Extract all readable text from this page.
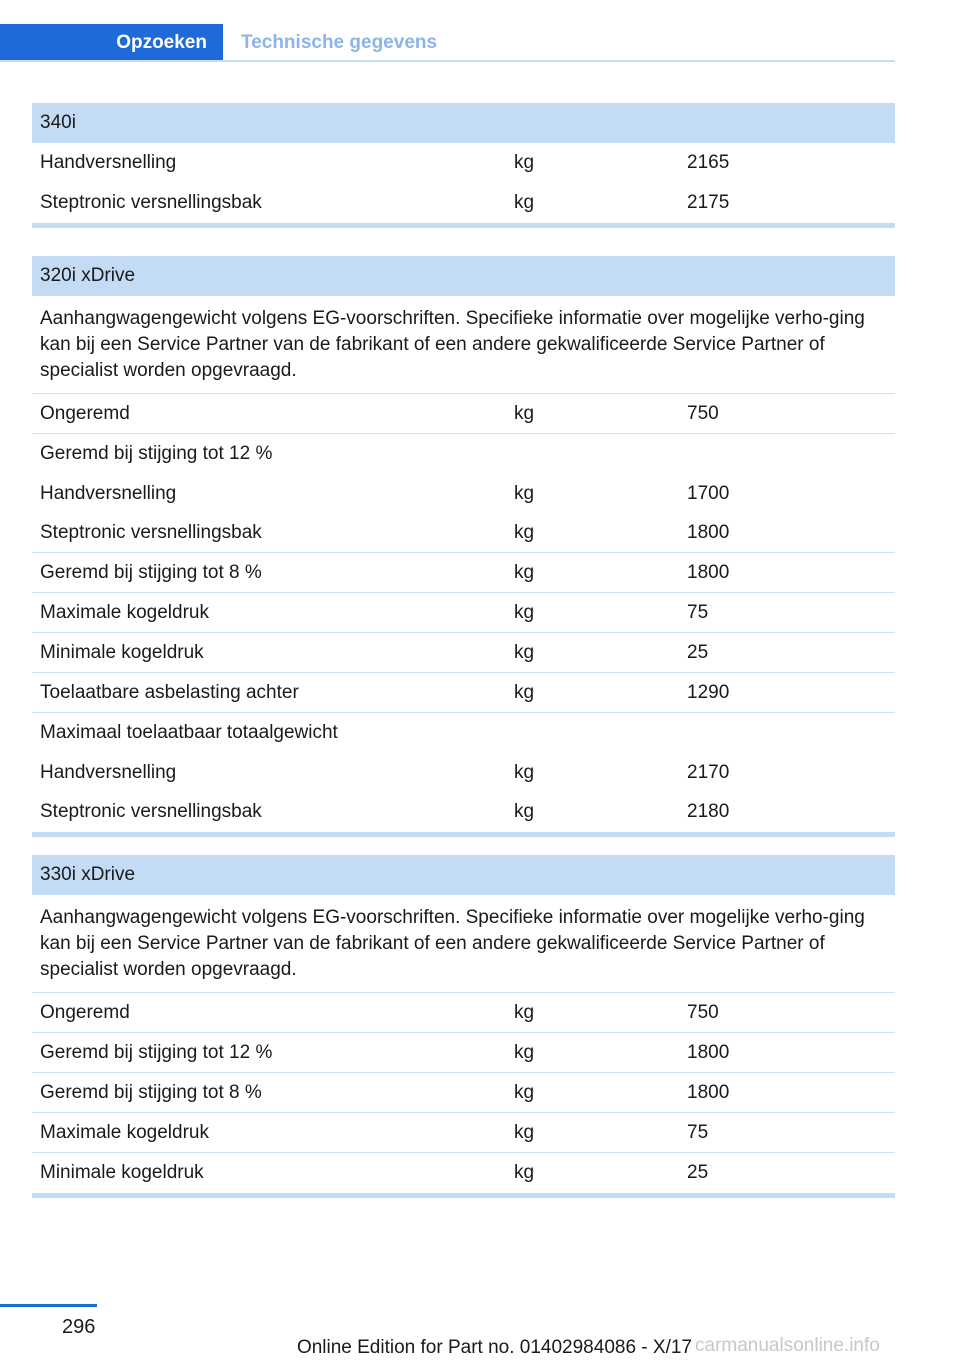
Opzoeken Technische gegevens
340i
Handversnelling	kg	2165
Steptronic versnellingsbak	kg	2175
320i xDrive
Aanhangwagengewicht volgens EG-voorschriften. Specifieke informatie over mogelijke verho-ging kan bij een Service Partner van de fabrikant of een andere gekwalificeerde Service Partner of specialist worden opgevraagd.
Ongeremd	kg	750
Geremd bij stijging tot 12 %
Handversnelling	kg	1700
Steptronic versnellingsbak	kg	1800
Geremd bij stijging tot 8 %	kg	1800
Maximale kogeldruk	kg	75
Minimale kogeldruk	kg	25
Toelaatbare asbelasting achter	kg	1290
Maximaal toelaatbaar totaalgewicht
Handversnelling	kg	2170
Steptronic versnellingsbak	kg	2180
330i xDrive
Aanhangwagengewicht volgens EG-voorschriften. Specifieke informatie over mogelijke verho-ging kan bij een Service Partner van de fabrikant of een andere gekwalificeerde Service Partner of specialist worden opgevraagd.
Ongeremd	kg	750
Geremd bij stijging tot 12 %	kg	1800
Geremd bij stijging tot 8 %	kg	1800
Maximale kogeldruk	kg	75
Minimale kogeldruk	kg	25
296
Online Edition for Part no. 01402984086 - X/17 carmanualsonline.info
